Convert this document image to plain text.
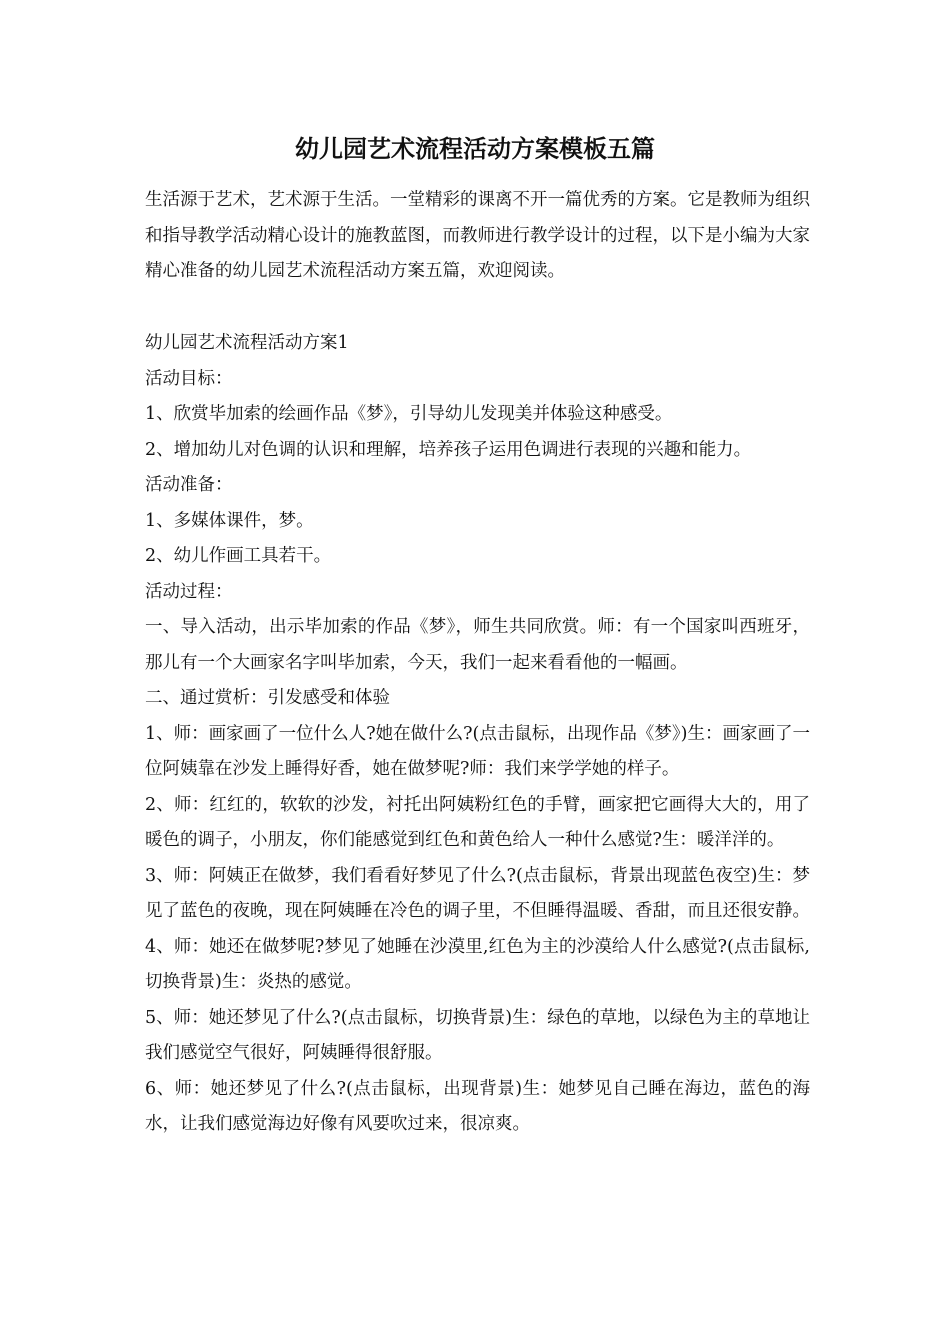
幼儿园艺术流程活动方案模板五篇

生活源于艺术，艺术源于生活。一堂精彩的课离不开一篇优秀的方案。它是教师为组织和指导教学活动精心设计的施教蓝图，而教师进行教学设计的过程，以下是小编为大家精心准备的幼儿园艺术流程活动方案五篇，欢迎阅读。

幼儿园艺术流程活动方案1

活动目标：

1、欣赏毕加索的绘画作品《梦》，引导幼儿发现美并体验这种感受。

2、增加幼儿对色调的认识和理解，培养孩子运用色调进行表现的兴趣和能力。

活动准备：

1、多媒体课件，梦。

2、幼儿作画工具若干。

活动过程：

一、导入活动，出示毕加索的作品《梦》，师生共同欣赏。师：有一个国家叫西班牙，那儿有一个大画家名字叫毕加索，今天，我们一起来看看他的一幅画。

二、通过赏析：引发感受和体验

1、师：画家画了一位什么人?她在做什么?(点击鼠标，出现作品《梦》)生：画家画了一位阿姨靠在沙发上睡得好香，她在做梦呢?师：我们来学学她的样子。

2、师：红红的，软软的沙发，衬托出阿姨粉红色的手臂，画家把它画得大大的，用了暖色的调子，小朋友，你们能感觉到红色和黄色给人一种什么感觉?生：暖洋洋的。

3、师：阿姨正在做梦，我们看看好梦见了什么?(点击鼠标，背景出现蓝色夜空)生：梦见了蓝色的夜晚，现在阿姨睡在冷色的调子里，不但睡得温暖、香甜，而且还很安静。

4、师：她还在做梦呢?梦见了她睡在沙漠里,红色为主的沙漠给人什么感觉?(点击鼠标,切换背景)生：炎热的感觉。

5、师：她还梦见了什么?(点击鼠标，切换背景)生：绿色的草地，以绿色为主的草地让我们感觉空气很好，阿姨睡得很舒服。

6、师：她还梦见了什么?(点击鼠标，出现背景)生：她梦见自己睡在海边，蓝色的海水，让我们感觉海边好像有风要吹过来，很凉爽。
